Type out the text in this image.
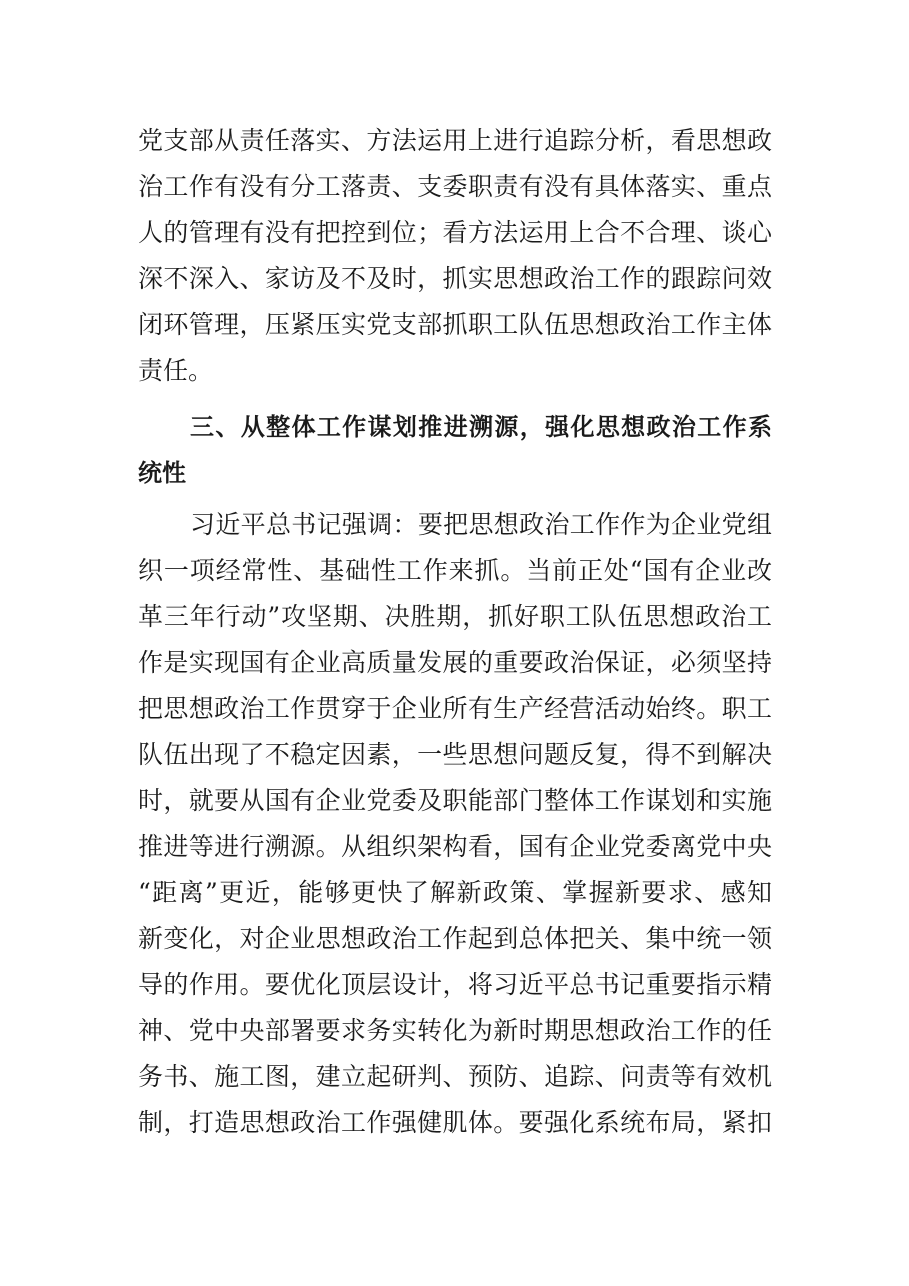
党支部从责任落实、方法运用上进行追踪分析，看思想政
治工作有没有分工落责、支委职责有没有具体落实、重点
人的管理有没有把控到位；看方法运用上合不合理、谈心
深不深入、家访及不及时，抓实思想政治工作的跟踪问效
闭环管理，压紧压实党支部抓职工队伍思想政治工作主体
责任。
三、从整体工作谋划推进溯源，强化思想政治工作系
统性
习近平总书记强调：要把思想政治工作作为企业党组
织一项经常性、基础性工作来抓。当前正处“国有企业改
革三年行动”攻坚期、决胜期，抓好职工队伍思想政治工
作是实现国有企业高质量发展的重要政治保证，必须坚持
把思想政治工作贯穿于企业所有生产经营活动始终。职工
队伍出现了不稳定因素，一些思想问题反复，得不到解决
时，就要从国有企业党委及职能部门整体工作谋划和实施
推进等进行溯源。从组织架构看，国有企业党委离党中央
“距离”更近，能够更快了解新政策、掌握新要求、感知
新变化，对企业思想政治工作起到总体把关、集中统一领
导的作用。要优化顶层设计，将习近平总书记重要指示精
神、党中央部署要求务实转化为新时期思想政治工作的任
务书、施工图，建立起研判、预防、追踪、问责等有效机
制，打造思想政治工作强健肌体。要强化系统布局，紧扣
